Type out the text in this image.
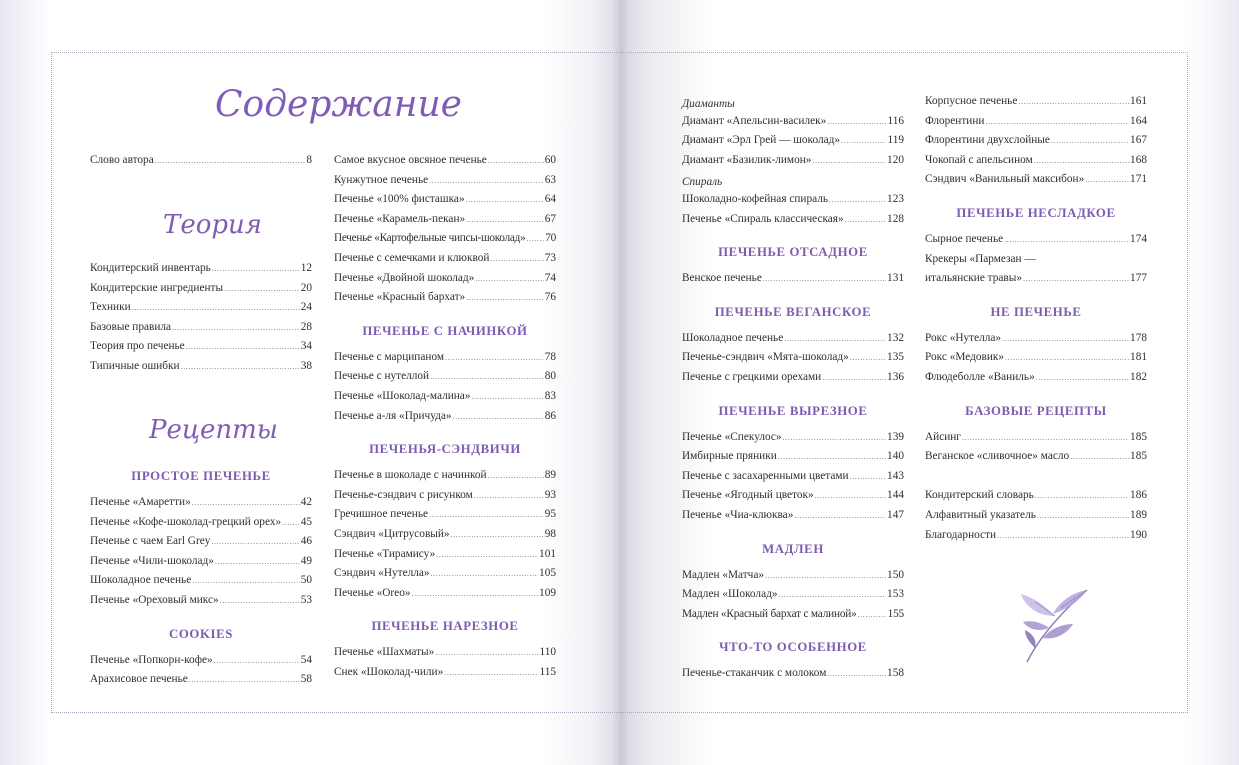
Содержание
Теория
Рецепты
Слово автора .....	8
Кондитерский инвентарь .....	12
Кондитерские ингредиенты .....	20
Техники .....	24
Базовые правила .....	28
Теория про печенье .....	34
Типичные ошибки .....	38
ПРОСТОЕ ПЕЧЕНЬЕ
Печенье «Амаретти» .....	42
Печенье «Кофе-шоколад-грецкий орех» ..... 45
Печенье с чаем Earl Grey .....	46
Печенье «Чили-шоколад» .....	49
Шоколадное печенье .....	50
Печенье «Ореховый микс» .....	53
COOKIES
Печенье «Попкорн-кофе» .....	54
Арахисовое печенье .....	58
Самое вкусное овсяное печенье .....	60
Кунжутное печенье .....	63
Печенье «100% фисташка» .....	64
Печенье «Карамель-пекан» .....	67
Печенье «Картофельные чипсы-шоколад» ..... 70
Печенье с семечками и клюквой .....	73
Печенье «Двойной шоколад» .....	74
Печенье «Красный бархат» .....	76
ПЕЧЕНЬЕ С НАЧИНКОЙ
Печенье с марципаном .....	78
Печенье с нутеллой .....	80
Печенье «Шоколад-малина» .....	83
Печенье а-ля «Причуда» .....	86
ПЕЧЕНЬЯ-СЭНДВИЧИ
Печенье в шоколаде с начинкой .....	89
Печенье-сэндвич с рисунком .....	93
Гречишное печенье .....	95
Сэндвич «Цитрусовый» .....	98
Печенье «Тирамису» .....	101
Сэндвич «Нутелла» .....	105
Печенье «Oreo» .....	109
ПЕЧЕНЬЕ НАРЕЗНОЕ
Печенье «Шахматы» .....	110
Снек «Шоколад-чили» .....	115
Диаманты
Диамант «Апельсин-василек» .....	116
Диамант «Эрл Грей — шоколад» .....	119
Диамант «Базилик-лимон» .....	120
Спираль
Шоколадно-кофейная спираль .....	123
Печенье «Спираль классическая» .....	128
ПЕЧЕНЬЕ ОТСАДНОЕ
Венское печенье .....	131
ПЕЧЕНЬЕ ВЕГАНСКОЕ
Шоколадное печенье .....	132
Печенье-сэндвич «Мята-шоколад» .....	135
Печенье с грецкими орехами .....	136
ПЕЧЕНЬЕ ВЫРЕЗНОЕ
Печенье «Спекулос» .....	139
Имбирные пряники .....	140
Печенье с засахаренными цветами .....	143
Печенье «Ягодный цветок» .....	144
Печенье «Чиа-клюква» .....	147
МАДЛЕН
Мадлен «Матча» .....	150
Мадлен «Шоколад» .....	153
Мадлен «Красный бархат с малиной» .....	155
ЧТО-ТО ОСОБЕННОЕ
Печенье-стаканчик с молоком .....	158
Корпусное печенье .....	161
Флорентини .....	164
Флорентини двухслойные .....	167
Чокопай с апельсином .....	168
Сэндвич «Ванильный максибон» .....	171
ПЕЧЕНЬЕ НЕСЛАДКОЕ
Сырное печенье .....	174
Крекеры «Пармезан —
итальянские травы» .....	177
НЕ ПЕЧЕНЬЕ
Рокс «Нутелла» .....	178
Рокс «Медовик» .....	181
Флюдеболле «Ваниль» .....	182
БАЗОВЫЕ РЕЦЕПТЫ
Айсинг .....	185
Веганское «сливочное» масло .....	185
Кондитерский словарь .....	186
Алфавитный указатель .....	189
Благодарности .....	190
